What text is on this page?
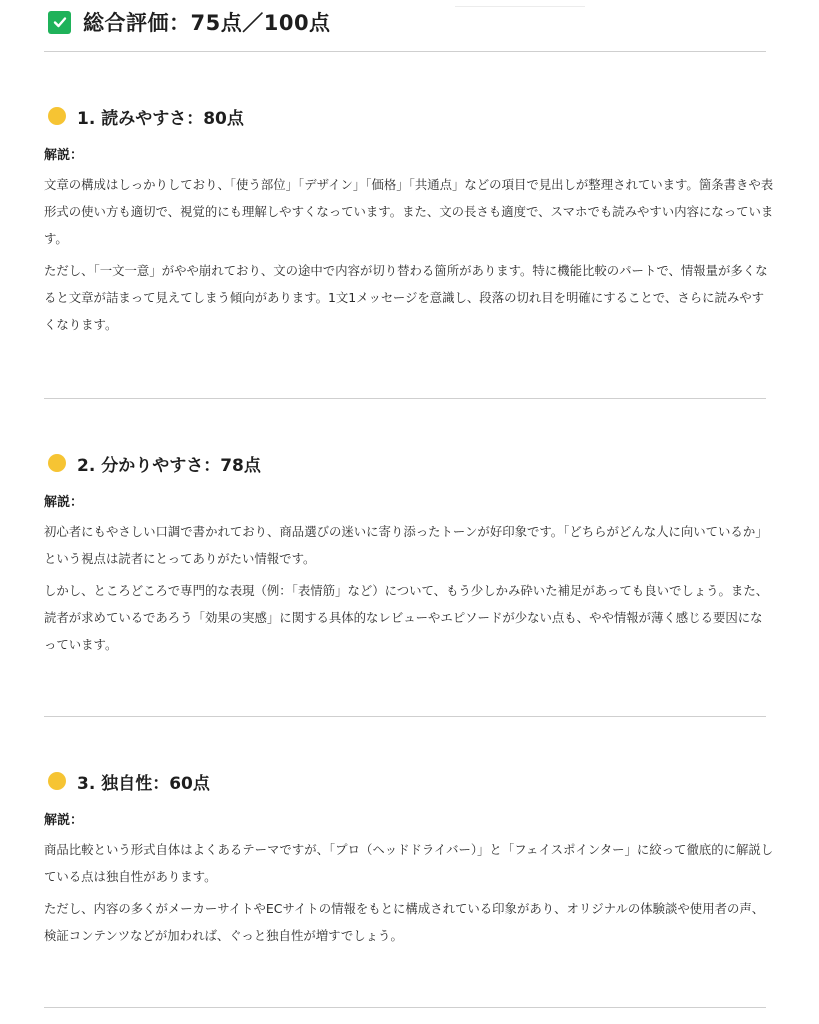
総合評価：75点／100点
1. 読みやすさ：80点
解説：
文章の構成はしっかりしており、「使う部位」「デザイン」「価格」「共通点」などの項目で見出しが整理されています。箇条書きや表形式の使い方も適切で、視覚的にも理解しやすくなっています。また、文の長さも適度で、スマホでも読みやすい内容になっています。
ただし、「一文一意」がやや崩れており、文の途中で内容が切り替わる箇所があります。特に機能比較のパートで、情報量が多くなると文章が詰まって見えてしまう傾向があります。1文1メッセージを意識し、段落の切れ目を明確にすることで、さらに読みやすくなります。
2. 分かりやすさ：78点
解説：
初心者にもやさしい口調で書かれており、商品選びの迷いに寄り添ったトーンが好印象です。「どちらがどんな人に向いているか」という視点は読者にとってありがたい情報です。
しかし、ところどころで専門的な表現（例：「表情筋」など）について、もう少しかみ砕いた補足があっても良いでしょう。また、読者が求めているであろう「効果の実感」に関する具体的なレビューやエピソードが少ない点も、やや情報が薄く感じる要因になっています。
3. 独自性：60点
解説：
商品比較という形式自体はよくあるテーマですが、「プロ（ヘッドドライバー）」と「フェイスポインター」に絞って徹底的に解説している点は独自性があります。
ただし、内容の多くがメーカーサイトやECサイトの情報をもとに構成されている印象があり、オリジナルの体験談や使用者の声、検証コンテンツなどが加われば、ぐっと独自性が増すでしょう。
